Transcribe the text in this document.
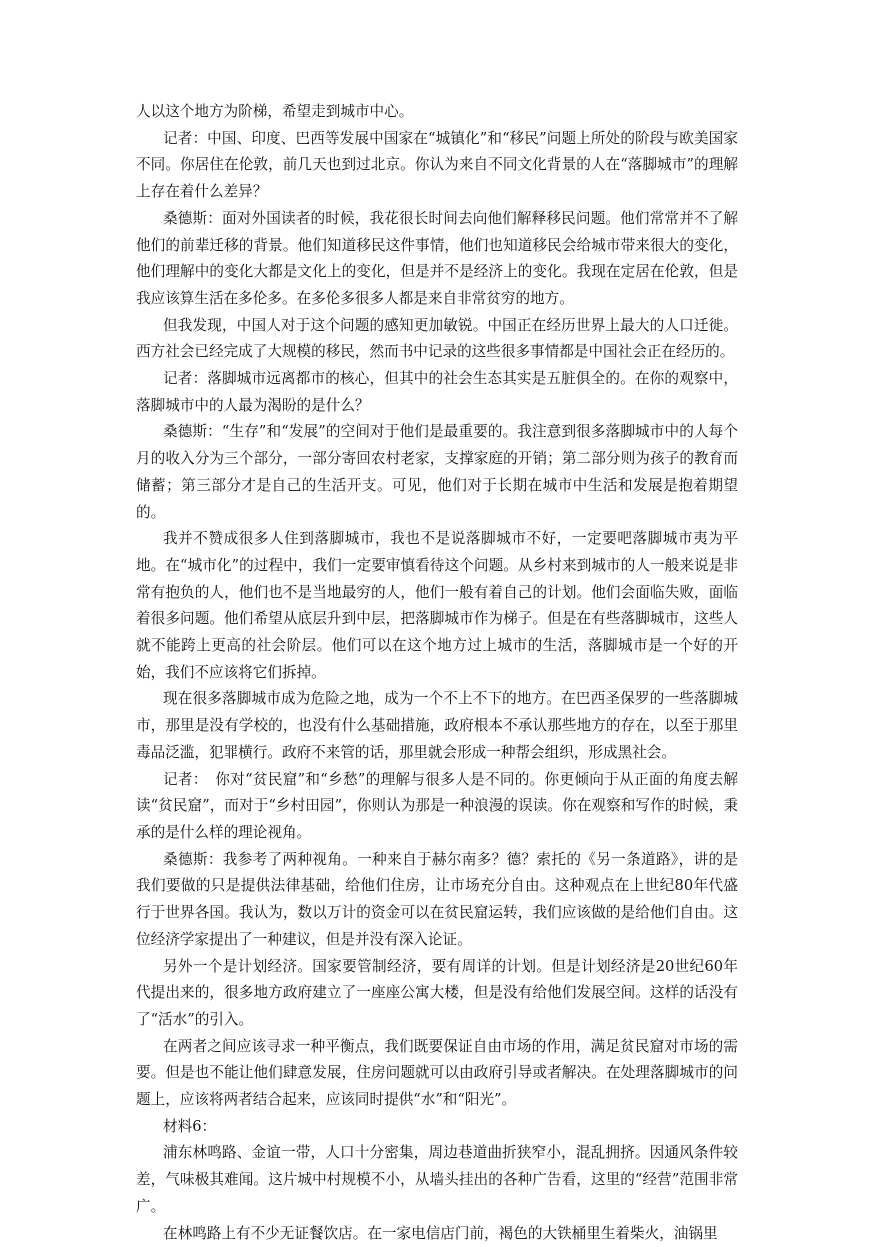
人以这个地方为阶梯，希望走到城市中心。

记者：中国、印度、巴西等发展中国家在“城镇化”和“移民”问题上所处的阶段与欧美国家不同。你居住在伦敦，前几天也到过北京。你认为来自不同文化背景的人在“落脚城市”的理解上存在着什么差异？

桑德斯：面对外国读者的时候，我花很长时间去向他们解释移民问题。他们常常并不了解他们的前辈迁移的背景。他们知道移民这件事情，他们也知道移民会给城市带来很大的变化，他们理解中的变化大都是文化上的变化，但是并不是经济上的变化。我现在定居在伦敦，但是我应该算生活在多伦多。在多伦多很多人都是来自非常贫穷的地方。

但我发现，中国人对于这个问题的感知更加敏锐。中国正在经历世界上最大的人口迁徙。西方社会已经完成了大规模的移民，然而书中记录的这些很多事情都是中国社会正在经历的。

记者：落脚城市远离都市的核心，但其中的社会生态其实是五脏俱全的。在你的观察中，落脚城市中的人最为渴盼的是什么？

桑德斯：“生存”和“发展”的空间对于他们是最重要的。我注意到很多落脚城市中的人每个月的收入分为三个部分，一部分寄回农村老家，支撑家庭的开销；第二部分则为孩子的教育而储蓄；第三部分才是自己的生活开支。可见，他们对于长期在城市中生活和发展是抱着期望的。

我并不赞成很多人住到落脚城市，我也不是说落脚城市不好，一定要吧落脚城市夷为平地。在“城市化”的过程中，我们一定要审慎看待这个问题。从乡村来到城市的人一般来说是非常有抱负的人，他们也不是当地最穷的人，他们一般有着自己的计划。他们会面临失败，面临着很多问题。他们希望从底层升到中层，把落脚城市作为梯子。但是在有些落脚城市，这些人就不能跨上更高的社会阶层。他们可以在这个地方过上城市的生活，落脚城市是一个好的开始，我们不应该将它们拆掉。

现在很多落脚城市成为危险之地，成为一个不上不下的地方。在巴西圣保罗的一些落脚城市，那里是没有学校的，也没有什么基础措施，政府根本不承认那些地方的存在，以至于那里毒品泛滥，犯罪横行。政府不来管的话，那里就会形成一种帮会组织，形成黑社会。

记者：　你对“贫民窟”和“乡愁”的理解与很多人是不同的。你更倾向于从正面的角度去解读“贫民窟”，而对于“乡村田园”，你则认为那是一种浪漫的误读。你在观察和写作的时候，秉承的是什么样的理论视角。

桑德斯：我参考了两种视角。一种来自于赫尔南多？德？索托的《另一条道路》，讲的是我们要做的只是提供法律基础，给他们住房，让市场充分自由。这种观点在上世纪80年代盛行于世界各国。我认为，数以万计的资金可以在贫民窟运转，我们应该做的是给他们自由。这位经济学家提出了一种建议，但是并没有深入论证。

另外一个是计划经济。国家要管制经济，要有周详的计划。但是计划经济是20世纪60年代提出来的，很多地方政府建立了一座座公寓大楼，但是没有给他们发展空间。这样的话没有了“活水”的引入。

在两者之间应该寻求一种平衡点，我们既要保证自由市场的作用，满足贫民窟对市场的需要。但是也不能让他们肆意发展，住房问题就可以由政府引导或者解决。在处理落脚城市的问题上，应该将两者结合起来，应该同时提供“水”和“阳光”。

材料6：

浦东林鸣路、金谊一带，人口十分密集，周边巷道曲折狭窄小，混乱拥挤。因通风条件较差，气味极其难闻。这片城中村规模不小，从墙头挂出的各种广告看，这里的“经营”范围非常广。

在林鸣路上有不少无证餐饮店。在一家电信店门前，褐色的大铁桶里生着柴火，油锅里
